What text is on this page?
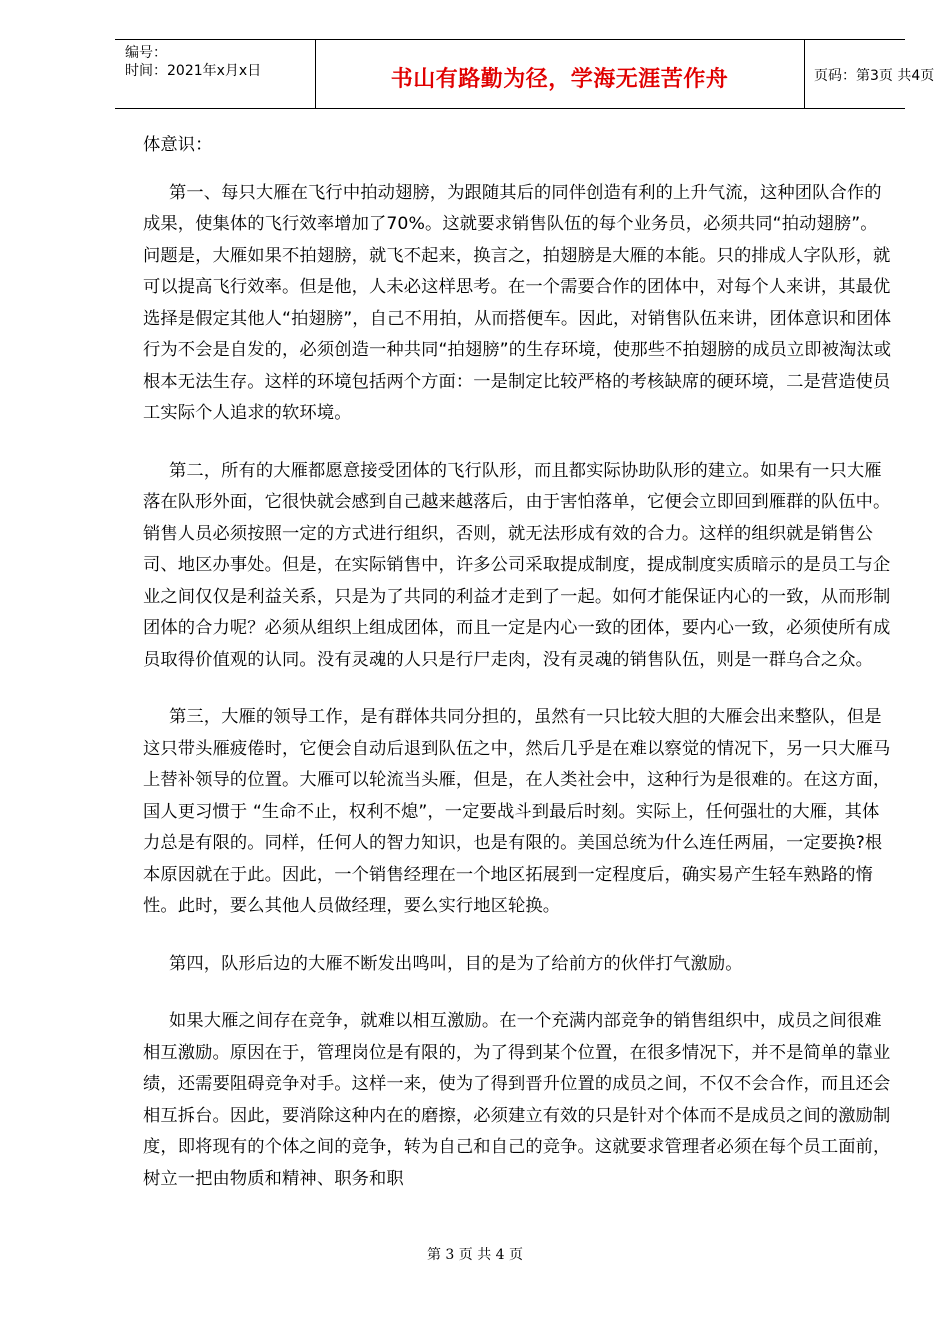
编号：
时间：2021年x月x日	书山有路勤为径，学海无涯苦作舟	页码：第3页 共4页

体意识：

第一、每只大雁在飞行中拍动翅膀，为跟随其后的同伴创造有利的上升气流，这种团队合作的成果，使集体的飞行效率增加了70%。这就要求销售队伍的每个业务员，必须共同“拍动翅膀”。问题是，大雁如果不拍翅膀，就飞不起来，换言之，拍翅膀是大雁的本能。只的排成人字队形，就可以提高飞行效率。但是他，人未必这样思考。在一个需要合作的团体中，对每个人来讲，其最优选择是假定其他人“拍翅膀”，自己不用拍，从而搭便车。因此，对销售队伍来讲，团体意识和团体行为不会是自发的，必须创造一种共同“拍翅膀”的生存环境，使那些不拍翅膀的成员立即被淘汰或根本无法生存。这样的环境包括两个方面：一是制定比较严格的考核缺席的硬环境，二是营造使员工实际个人追求的软环境。

第二，所有的大雁都愿意接受团体的飞行队形，而且都实际协助队形的建立。如果有一只大雁落在队形外面，它很快就会感到自己越来越落后，由于害怕落单，它便会立即回到雁群的队伍中。 销售人员必须按照一定的方式进行组织，否则，就无法形成有效的合力。这样的组织就是销售公司、地区办事处。但是，在实际销售中，许多公司采取提成制度，提成制度实质暗示的是员工与企业之间仅仅是利益关系，只是为了共同的利益才走到了一起。如何才能保证内心的一致，从而形制团体的合力呢？必须从组织上组成团体，而且一定是内心一致的团体，要内心一致，必须使所有成员取得价值观的认同。没有灵魂的人只是行尸走肉，没有灵魂的销售队伍，则是一群乌合之众。

第三，大雁的领导工作，是有群体共同分担的，虽然有一只比较大胆的大雁会出来整队，但是这只带头雁疲倦时，它便会自动后退到队伍之中，然后几乎是在难以察觉的情况下，另一只大雁马上替补领导的位置。大雁可以轮流当头雁，但是，在人类社会中，这种行为是很难的。在这方面，国人更习惯于 “生命不止，权利不熄”，一定要战斗到最后时刻。实际上，任何强壮的大雁，其体力总是有限的。同样，任何人的智力知识，也是有限的。美国总统为什么连任两届，一定要换?根本原因就在于此。因此，一个销售经理在一个地区拓展到一定程度后，确实易产生轻车熟路的惰性。此时，要么其他人员做经理，要么实行地区轮换。

第四，队形后边的大雁不断发出鸣叫，目的是为了给前方的伙伴打气激励。

如果大雁之间存在竞争，就难以相互激励。在一个充满内部竞争的销售组织中，成员之间很难相互激励。原因在于，管理岗位是有限的，为了得到某个位置，在很多情况下，并不是简单的靠业绩，还需要阻碍竞争对手。这样一来，使为了得到晋升位置的成员之间，不仅不会合作，而且还会相互拆台。因此，要消除这种内在的磨擦，必须建立有效的只是针对个体而不是成员之间的激励制度，即将现有的个体之间的竞争，转为自己和自己的竞争。这就要求管理者必须在每个员工面前，树立一把由物质和精神、职务和职

第 3 页 共 4 页
